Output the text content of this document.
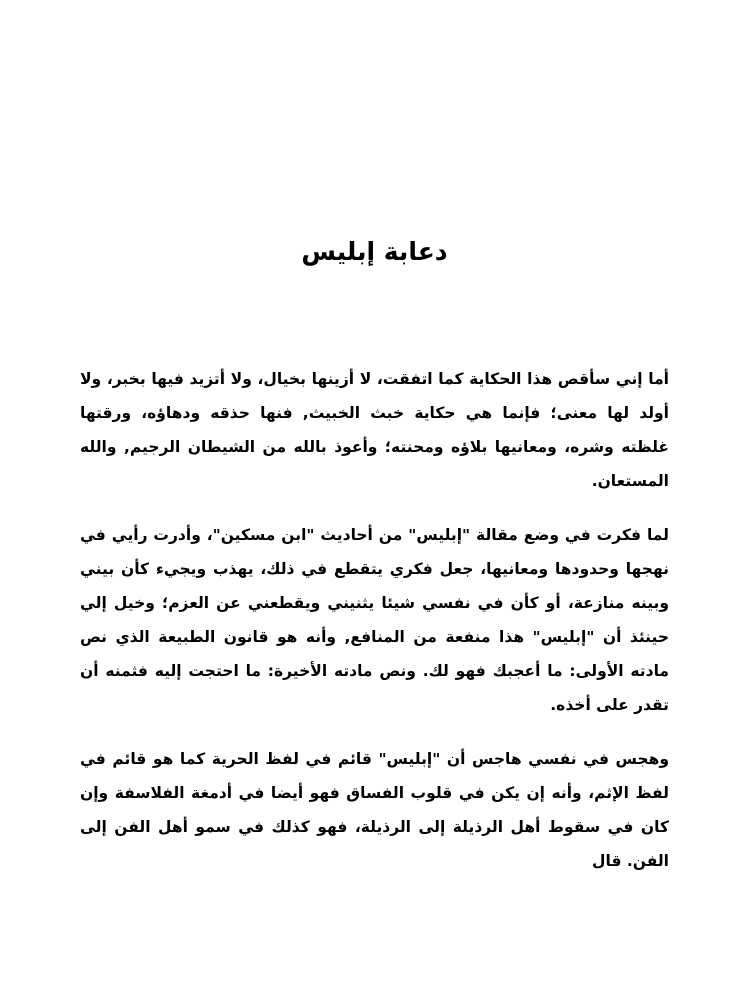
دعابة إبليس

أما إني سأقص هذا الحكاية كما اتفقت، لا أزينها بخيال، ولا أتزيد فيها بخبر، ولا أولد لها معنى؛ فإنما هي حكاية خبث الخبيث, فنها حذقه ودهاؤه، ورقتها غلظته وشره، ومعانيها بلاؤه ومحنته؛ وأعوذ بالله من الشيطان الرجيم, والله المستعان.

لما فكرت في وضع مقالة "إبليس" من أحاديث "ابن مسكين"، وأدرت رأيي في نهجها وحدودها ومعانيها، جعل فكري يتقطع في ذلك، يهذب ويجيء كأن بيني وبينه منازعة، أو كأن في نفسي شيئا يثنيني ويقطعني عن العزم؛ وخيل إلي حينئذ أن "إبليس" هذا منفعة من المنافع, وأنه هو قانون الطبيعة الذي نص مادته الأولى: ما أعجبك فهو لك. ونص مادته الأخيرة: ما احتجت إليه فثمنه أن تقدر على أخذه.

وهجس في نفسي هاجس أن "إبليس" قائم في لفظ الحرية كما هو قائم في لفظ الإثم، وأنه إن يكن في قلوب الفساق فهو أيضا في أدمغة الفلاسفة وإن كان في سقوط أهل الرذيلة إلى الرذيلة، فهو كذلك في سمو أهل الفن إلى الفن. قال
